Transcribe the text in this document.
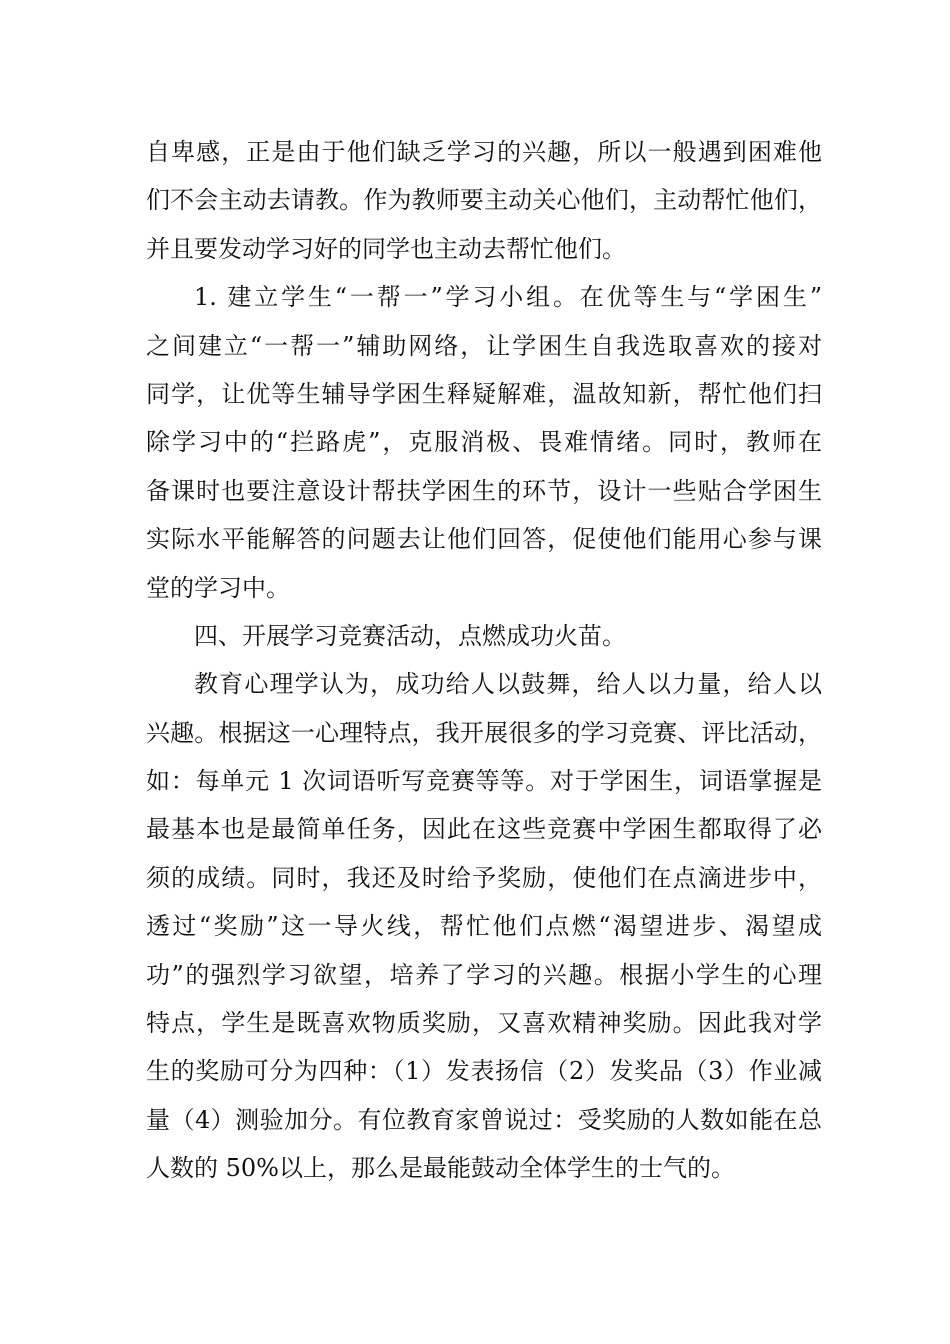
自卑感，正是由于他们缺乏学习的兴趣，所以一般遇到困难他
们不会主动去请教。作为教师要主动关心他们，主动帮忙他们，
并且要发动学习好的同学也主动去帮忙他们。
1. 建立学生“一帮一”学习小组。在优等生与“学困生”
之间建立“一帮一”辅助网络，让学困生自我选取喜欢的接对
同学，让优等生辅导学困生释疑解难，温故知新，帮忙他们扫
除学习中的“拦路虎”，克服消极、畏难情绪。同时，教师在
备课时也要注意设计帮扶学困生的环节，设计一些贴合学困生
实际水平能解答的问题去让他们回答，促使他们能用心参与课
堂的学习中。
四、开展学习竞赛活动，点燃成功火苗。
教育心理学认为，成功给人以鼓舞，给人以力量，给人以
兴趣。根据这一心理特点，我开展很多的学习竞赛、评比活动，
如：每单元 1 次词语听写竞赛等等。对于学困生，词语掌握是
最基本也是最简单任务，因此在这些竞赛中学困生都取得了必
须的成绩。同时，我还及时给予奖励，使他们在点滴进步中，
透过“奖励”这一导火线，帮忙他们点燃“渴望进步、渴望成
功”的强烈学习欲望，培养了学习的兴趣。根据小学生的心理
特点，学生是既喜欢物质奖励，又喜欢精神奖励。因此我对学
生的奖励可分为四种：（1）发表扬信（2）发奖品（3）作业减
量（4）测验加分。有位教育家曾说过：受奖励的人数如能在总
人数的 50%以上，那么是最能鼓动全体学生的士气的。
